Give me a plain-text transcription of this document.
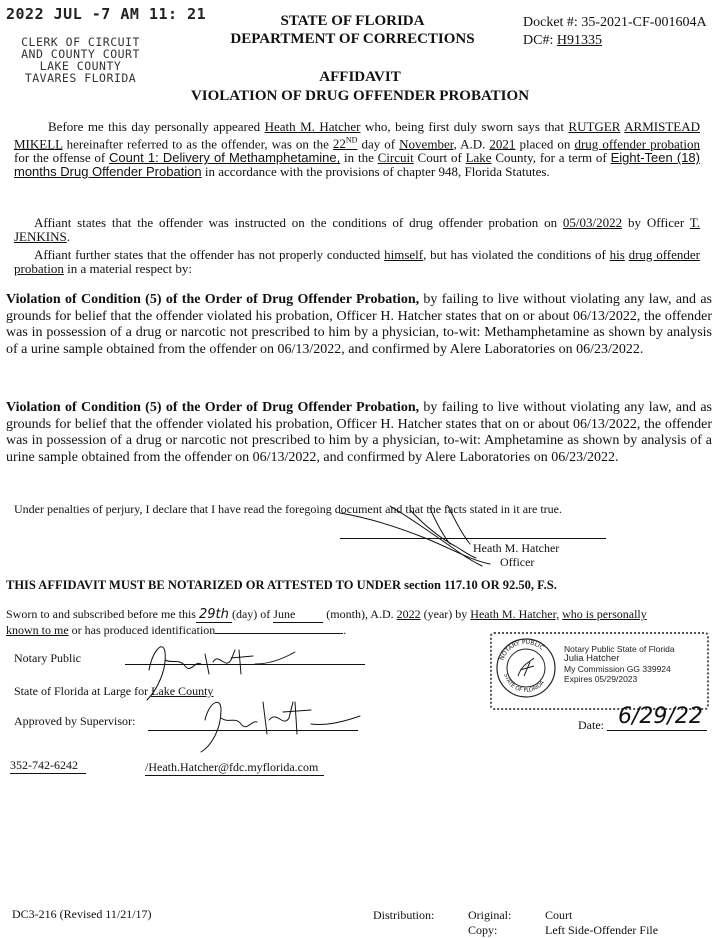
2022 JUL -7 AM 11: 21
CLERK OF CIRCUIT
AND COUNTY COURT
LAKE COUNTY
TAVARES FLORIDA
STATE OF FLORIDA
DEPARTMENT OF CORRECTIONS
Docket #: 35-2021-CF-001604A
DC#: H91335
AFFIDAVIT
VIOLATION OF DRUG OFFENDER PROBATION
Before me this day personally appeared Heath M. Hatcher who, being first duly sworn says that RUTGER ARMISTEAD MIKELL hereinafter referred to as the offender, was on the 22ND day of November, A.D. 2021 placed on drug offender probation for the offense of Count 1: Delivery of Methamphetamine, in the Circuit Court of Lake County, for a term of Eight-Teen (18) months Drug Offender Probation in accordance with the provisions of chapter 948, Florida Statutes.
Affiant states that the offender was instructed on the conditions of drug offender probation on 05/03/2022 by Officer T. JENKINS.
Affiant further states that the offender has not properly conducted himself, but has violated the conditions of his drug offender probation in a material respect by:
Violation of Condition (5) of the Order of Drug Offender Probation, by failing to live without violating any law, and as grounds for belief that the offender violated his probation, Officer H. Hatcher states that on or about 06/13/2022, the offender was in possession of a drug or narcotic not prescribed to him by a physician, to-wit: Methamphetamine as shown by analysis of a urine sample obtained from the offender on 06/13/2022, and confirmed by Alere Laboratories on 06/23/2022.
Violation of Condition (5) of the Order of Drug Offender Probation, by failing to live without violating any law, and as grounds for belief that the offender violated his probation, Officer H. Hatcher states that on or about 06/13/2022, the offender was in possession of a drug or narcotic not prescribed to him by a physician, to-wit: Amphetamine as shown by analysis of a urine sample obtained from the offender on 06/13/2022, and confirmed by Alere Laboratories on 06/23/2022.
Under penalties of perjury, I declare that I have read the foregoing document and that the facts stated in it are true.
Heath M. Hatcher
Officer
THIS AFFIDAVIT MUST BE NOTARIZED OR ATTESTED TO UNDER section 117.10 OR 92.50, F.S.
Sworn to and subscribed before me this 29th (day) of June (month), A.D. 2022 (year) by Heath M. Hatcher, who is personally
known to me or has produced identification	.
Notary Public
State of Florida at Large for Lake County
Approved by Supervisor:
NOTARY PUBLIC
STATE OF FLORIDA
Notary Public State of Florida
Julia Hatcher
My Commission GG 339924
Expires 05/29/2023
Date: 6/29/22
352-742-6242	/Heath.Hatcher@fdc.myflorida.com
DC3-216 (Revised 11/21/17)	Distribution:	Original:	Court
Copy:	Left Side-Offender File
